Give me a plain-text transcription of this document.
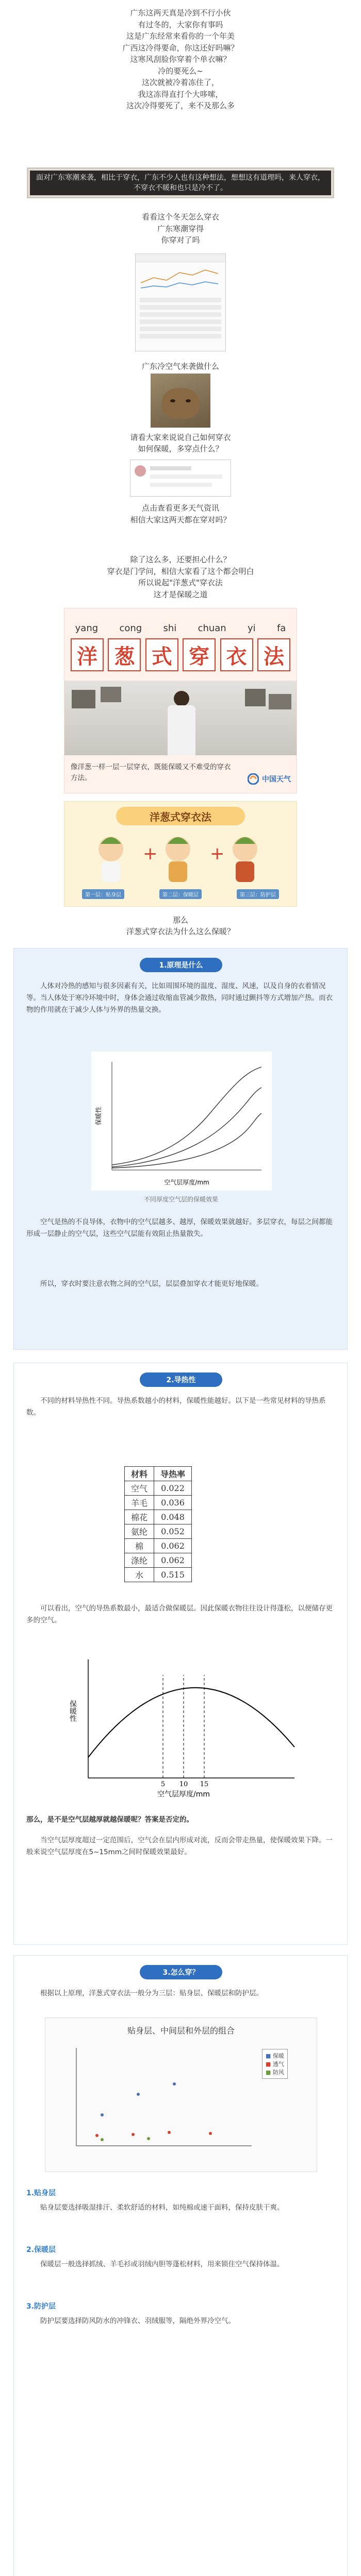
广东这两天真是冷到不行小伙

有过冬的，大家你有事吗

这是广东经常来看你的一个年美

广西这冷得要命，你这还好吗嘛？

这寒风刮脸你穿着个单衣嘛？

冷的要死么~

这次就被冷着冻住了，

我这冻得直打个大哆嗦，

这次冷得要死了，来不及那么多

面对广东寒潮来袭，相比于穿衣，广东不少人也有这种想法，想想这有道理吗，来人穿衣，不穿衣不暖和也只是冷不了。

看看这个冬天怎么穿衣

广东寒潮穿得

你穿对了吗

广东冷空气来袭做什么

请看大家来说说自己如何穿衣

如何保暖，多穿点什么？

点击查看更多天气资讯

相信大家这两天都在穿对吗？

除了这么多，还要担心什么？

穿衣是门学问，相信大家看了这个都会明白

所以说起"洋葱式"穿衣法

这才是保暖之道

yang cong shi chuan yi fa
洋 葱 式 穿 衣 法

像洋葱一样一层一层穿衣，既能保暖又不难受的穿衣方法。	中国天气
洋葱式穿衣法
+	+
第一层：贴身层	第二层：保暖层	第三层：防护层

那么

洋葱式穿衣法为什么这么保暖？

1.原理是什么

人体对冷热的感知与很多因素有关，比如周围环境的温度、湿度、风速，以及自身的衣着情况等。当人体处于寒冷环境中时，身体会通过收缩血管减少散热，同时通过颤抖等方式增加产热。而衣物的作用就在于减少人体与外界的热量交换。

空气层厚度/mm
保暖性

不同厚度空气层的保暖效果

空气是热的不良导体，衣物中的空气层越多、越厚，保暖效果就越好。多层穿衣，每层之间都能形成一层静止的空气层，这些空气层能有效阻止热量散失。

所以，穿衣时要注意衣物之间的空气层，层层叠加穿衣才能更好地保暖。

2.导热性

不同的材料导热性不同。导热系数越小的材料，保暖性能越好。以下是一些常见材料的导热系数。

材料	导热率
空气	0.022
羊毛	0.036
棉花	0.048
氨纶	0.052
棉	0.062
涤纶	0.062
水	0.515

可以看出，空气的导热系数最小，最适合做保暖层。因此保暖衣物往往设计得蓬松，以便储存更多的空气。

5 10 15
空气层厚度/mm
保暖性

那么，是不是空气层越厚就越保暖呢？答案是否定的。

当空气层厚度超过一定范围后，空气会在层内形成对流，反而会带走热量，使保暖效果下降。一般来说空气层厚度在5~15mm之间时保暖效果最好。

3.怎么穿？

根据以上原理，洋葱式穿衣法一般分为三层：贴身层、保暖层和防护层。

贴身层、中间层和外层的组合

■ 保暖
■ 透气
■ 防风

1.贴身层

贴身层要选择吸湿排汗、柔软舒适的材料，如纯棉或速干面料，保持皮肤干爽。

2.保暖层

保暖层一般选择抓绒、羊毛衫或羽绒内胆等蓬松材料，用来锁住空气保持体温。

3.防护层

防护层要选择防风防水的冲锋衣、羽绒服等，隔绝外界冷空气。
